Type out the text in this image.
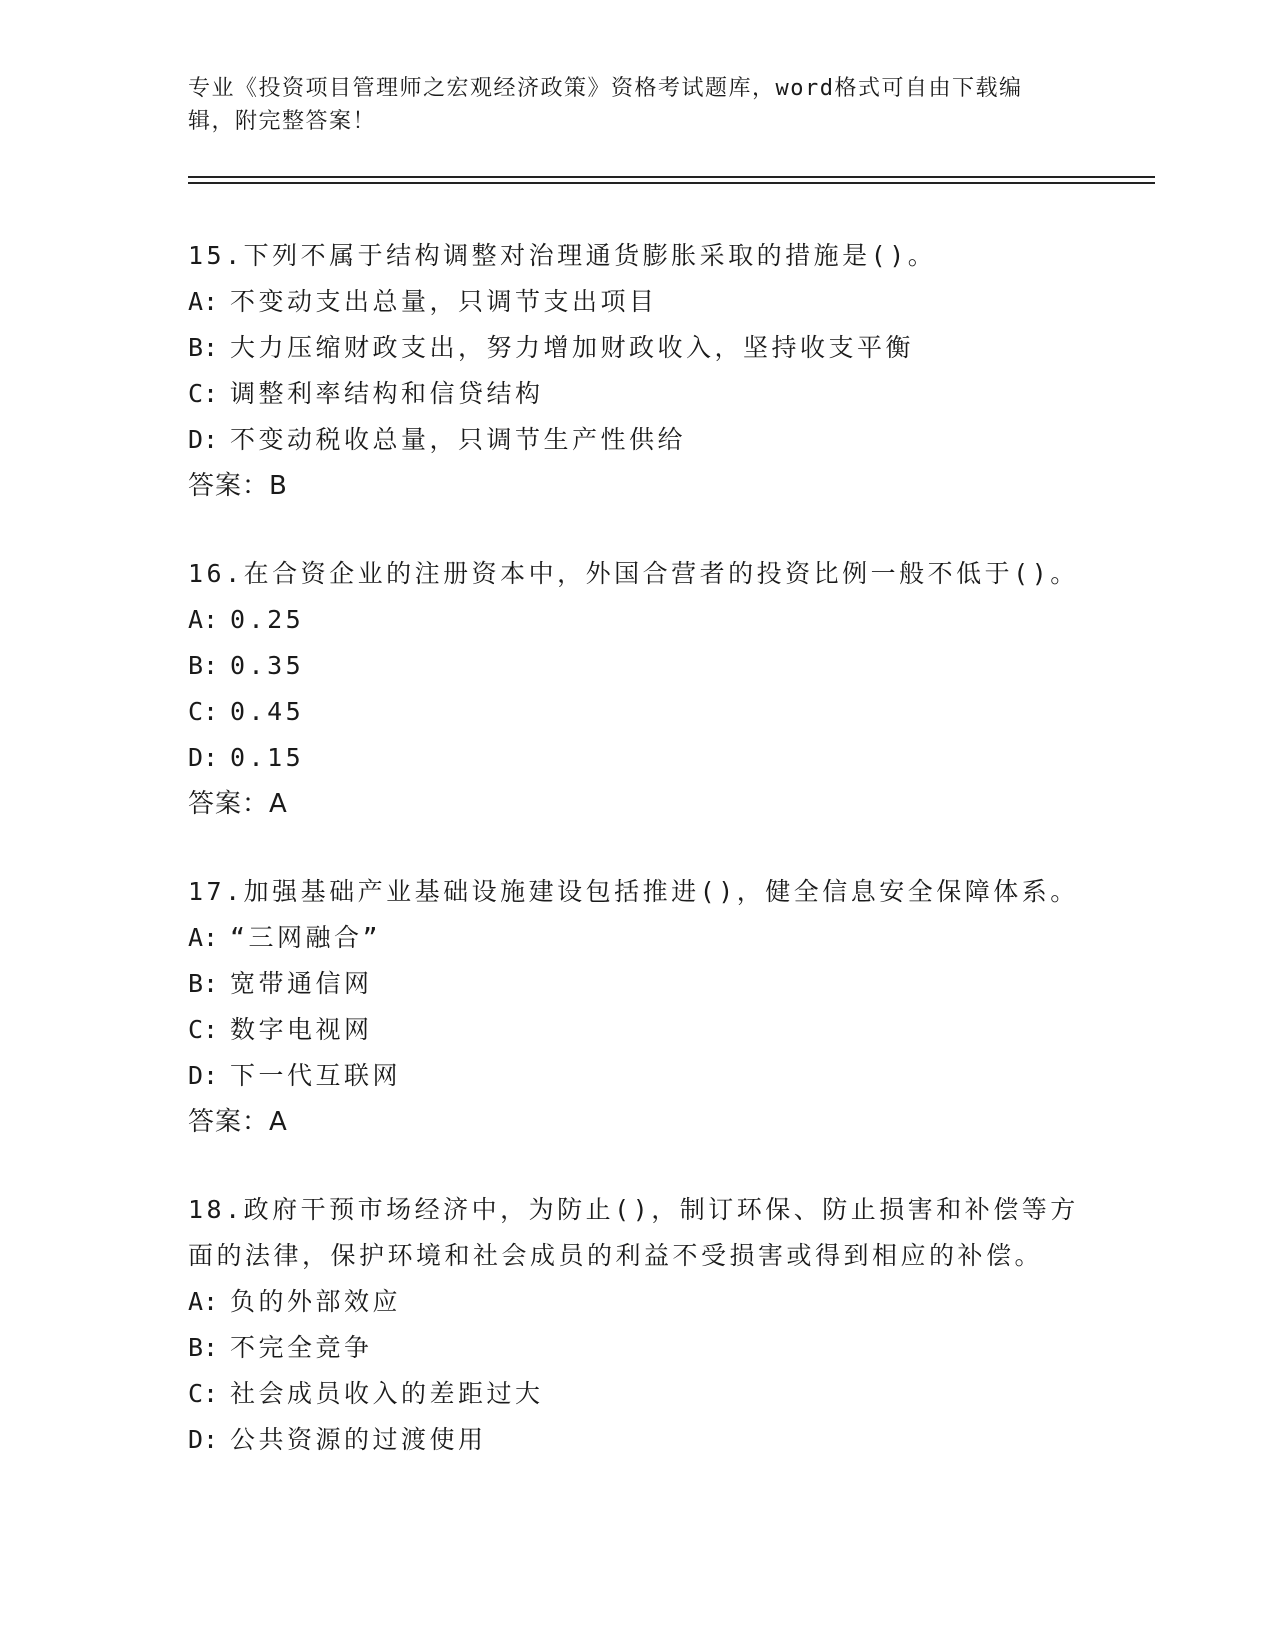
专业《投资项目管理师之宏观经济政策》资格考试题库，word格式可自由下载编辑，附完整答案！
15.下列不属于结构调整对治理通货膨胀采取的措施是()。
A: 不变动支出总量，只调节支出项目
B: 大力压缩财政支出，努力增加财政收入，坚持收支平衡
C: 调整利率结构和信贷结构
D: 不变动税收总量，只调节生产性供给
答案：B
16.在合资企业的注册资本中，外国合营者的投资比例一般不低于()。
A: 0.25
B: 0.35
C: 0.45
D: 0.15
答案：A
17.加强基础产业基础设施建设包括推进()，健全信息安全保障体系。
A: “三网融合”
B: 宽带通信网
C: 数字电视网
D: 下一代互联网
答案：A
18.政府干预市场经济中，为防止()，制订环保、防止损害和补偿等方面的法律，保护环境和社会成员的利益不受损害或得到相应的补偿。
A: 负的外部效应
B: 不完全竞争
C: 社会成员收入的差距过大
D: 公共资源的过渡使用
